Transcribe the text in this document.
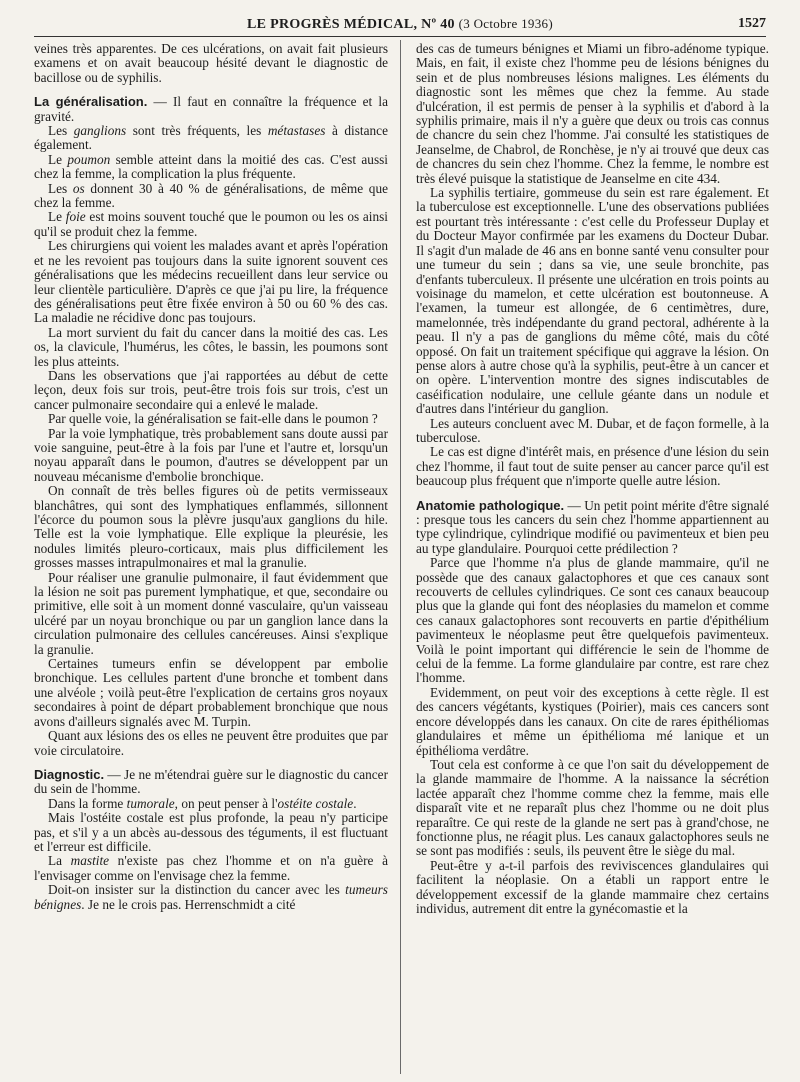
LE PROGRÈS MÉDICAL, Nº 40 (3 Octobre 1936)	1527

veines très apparentes. De ces ulcérations, on avait fait plusieurs examens et on avait beaucoup hésité devant le diagnostic de bacillose ou de syphilis.

La généralisation. — Il faut en connaître la fréquence et la gravité.

Les ganglions sont très fréquents, les métastases à distance également.

Le poumon semble atteint dans la moitié des cas. C'est aussi chez la femme, la complication la plus fréquente.

Les os donnent 30 à 40 % de généralisations, de même que chez la femme.

Le foie est moins souvent touché que le poumon ou les os ainsi qu'il se produit chez la femme.

Les chirurgiens qui voient les malades avant et après l'opération et ne les revoient pas toujours dans la suite ignorent souvent ces généralisations que les médecins recueillent dans leur service ou leur clientèle particulière. D'après ce que j'ai pu lire, la fréquence des généralisations peut être fixée environ à 50 ou 60 % des cas. La maladie ne récidive donc pas toujours.

La mort survient du fait du cancer dans la moitié des cas. Les os, la clavicule, l'humérus, les côtes, le bassin, les poumons sont les plus atteints.

Dans les observations que j'ai rapportées au début de cette leçon, deux fois sur trois, peut-être trois fois sur trois, c'est un cancer pulmonaire secondaire qui a enlevé le malade.

Par quelle voie, la généralisation se fait-elle dans le poumon ?

Par la voie lymphatique, très probablement sans doute aussi par voie sanguine, peut-être à la fois par l'une et l'autre et, lorsqu'un noyau apparaît dans le poumon, d'autres se développent par un nouveau mécanisme d'embolie bronchique.

On connaît de très belles figures où de petits vermisseaux blanchâtres, qui sont des lymphatiques enflammés, sillonnent l'écorce du poumon sous la plèvre jusqu'aux ganglions du hile. Telle est la voie lymphatique. Elle explique la pleurésie, les nodules limités pleuro-corticaux, mais plus difficilement les grosses masses intrapulmonaires et mal la granulie.

Pour réaliser une granulie pulmonaire, il faut évidemment que la lésion ne soit pas purement lymphatique, et que, secondaire ou primitive, elle soit à un moment donné vasculaire, qu'un vaisseau ulcéré par un noyau bronchique ou par un ganglion lance dans la circulation pulmonaire des cellules cancéreuses. Ainsi s'explique la granulie.

Certaines tumeurs enfin se développent par embolie bronchique. Les cellules partent d'une bronche et tombent dans une alvéole ; voilà peut-être l'explication de certains gros noyaux secondaires à point de départ probablement bronchique que nous avons d'ailleurs signalés avec M. Turpin.

Quant aux lésions des os elles ne peuvent être produites que par voie circulatoire.

Diagnostic. — Je ne m'étendrai guère sur le diagnostic du cancer du sein de l'homme.

Dans la forme tumorale, on peut penser à l'ostéite costale.

Mais l'ostéite costale est plus profonde, la peau n'y participe pas, et s'il y a un abcès au-dessous des téguments, il est fluctuant et l'erreur est difficile.

La mastite n'existe pas chez l'homme et on n'a guère à l'envisager comme on l'envisage chez la femme.

Doit-on insister sur la distinction du cancer avec les tumeurs bénignes. Je ne le crois pas. Herrenschmidt a cité

des cas de tumeurs bénignes et Miami un fibro-adénome typique. Mais, en fait, il existe chez l'homme peu de lésions bénignes du sein et de plus nombreuses lésions malignes. Les éléments du diagnostic sont les mêmes que chez la femme. Au stade d'ulcération, il est permis de penser à la syphilis et d'abord à la syphilis primaire, mais il n'y a guère que deux ou trois cas connus de chancre du sein chez l'homme. J'ai consulté les statistiques de Jeanselme, de Chabrol, de Ronchèse, je n'y ai trouvé que deux cas de chancres du sein chez l'homme. Chez la femme, le nombre est très élevé puisque la statistique de Jeanselme en cite 434.

La syphilis tertiaire, gommeuse du sein est rare également. Et la tuberculose est exceptionnelle. L'une des observations publiées est pourtant très intéressante : c'est celle du Professeur Duplay et du Docteur Mayor confirmée par les examens du Docteur Dubar. Il s'agit d'un malade de 46 ans en bonne santé venu consulter pour une tumeur du sein ; dans sa vie, une seule bronchite, pas d'enfants tuberculeux. Il présente une ulcération en trois points au voisinage du mamelon, et cette ulcération est boutonneuse. A l'examen, la tumeur est allongée, de 6 centimètres, dure, mamelonnée, très indépendante du grand pectoral, adhérente à la peau. Il n'y a pas de ganglions du même côté, mais du côté opposé. On fait un traitement spécifique qui aggrave la lésion. On pense alors à autre chose qu'à la syphilis, peut-être à un cancer et on opère. L'intervention montre des signes indiscutables de caséification nodulaire, une cellule géante dans un nodule et d'autres dans l'intérieur du ganglion.

Les auteurs concluent avec M. Dubar, et de façon formelle, à la tuberculose.

Le cas est digne d'intérêt mais, en présence d'une lésion du sein chez l'homme, il faut tout de suite penser au cancer parce qu'il est beaucoup plus fréquent que n'importe quelle autre lésion.

Anatomie pathologique. — Un petit point mérite d'être signalé : presque tous les cancers du sein chez l'homme appartiennent au type cylindrique, cylindrique modifié ou pavimenteux et bien peu au type glandulaire. Pourquoi cette prédilection ?

Parce que l'homme n'a plus de glande mammaire, qu'il ne possède que des canaux galactophores et que ces canaux sont recouverts de cellules cylindriques. Ce sont ces canaux beaucoup plus que la glande qui font des néoplasies du mamelon et comme ces canaux galactophores sont recouverts en partie d'épithélium pavimenteux le néoplasme peut être quelquefois pavimenteux. Voilà le point important qui différencie le sein de l'homme de celui de la femme. La forme glandulaire par contre, est rare chez l'homme.

Evidemment, on peut voir des exceptions à cette règle. Il est des cancers végétants, kystiques (Poirier), mais ces cancers sont encore développés dans les canaux. On cite de rares épithéliomas glandulaires et même un épithélioma mé lanique et un épithélioma verdâtre.

Tout cela est conforme à ce que l'on sait du développement de la glande mammaire de l'homme. A la naissance la sécrétion lactée apparaît chez l'homme comme chez la femme, mais elle disparaît vite et ne reparaît plus chez l'homme ou ne doit plus reparaître. Ce qui reste de la glande ne sert pas à grand'chose, ne fonctionne plus, ne réagit plus. Les canaux galactophores seuls ne se sont pas modifiés : seuls, ils peuvent être le siège du mal.

Peut-être y a-t-il parfois des reviviscences glandulaires qui facilitent la néoplasie. On a établi un rapport entre le développement excessif de la glande mammaire chez certains individus, autrement dit entre la gynécomastie et la
